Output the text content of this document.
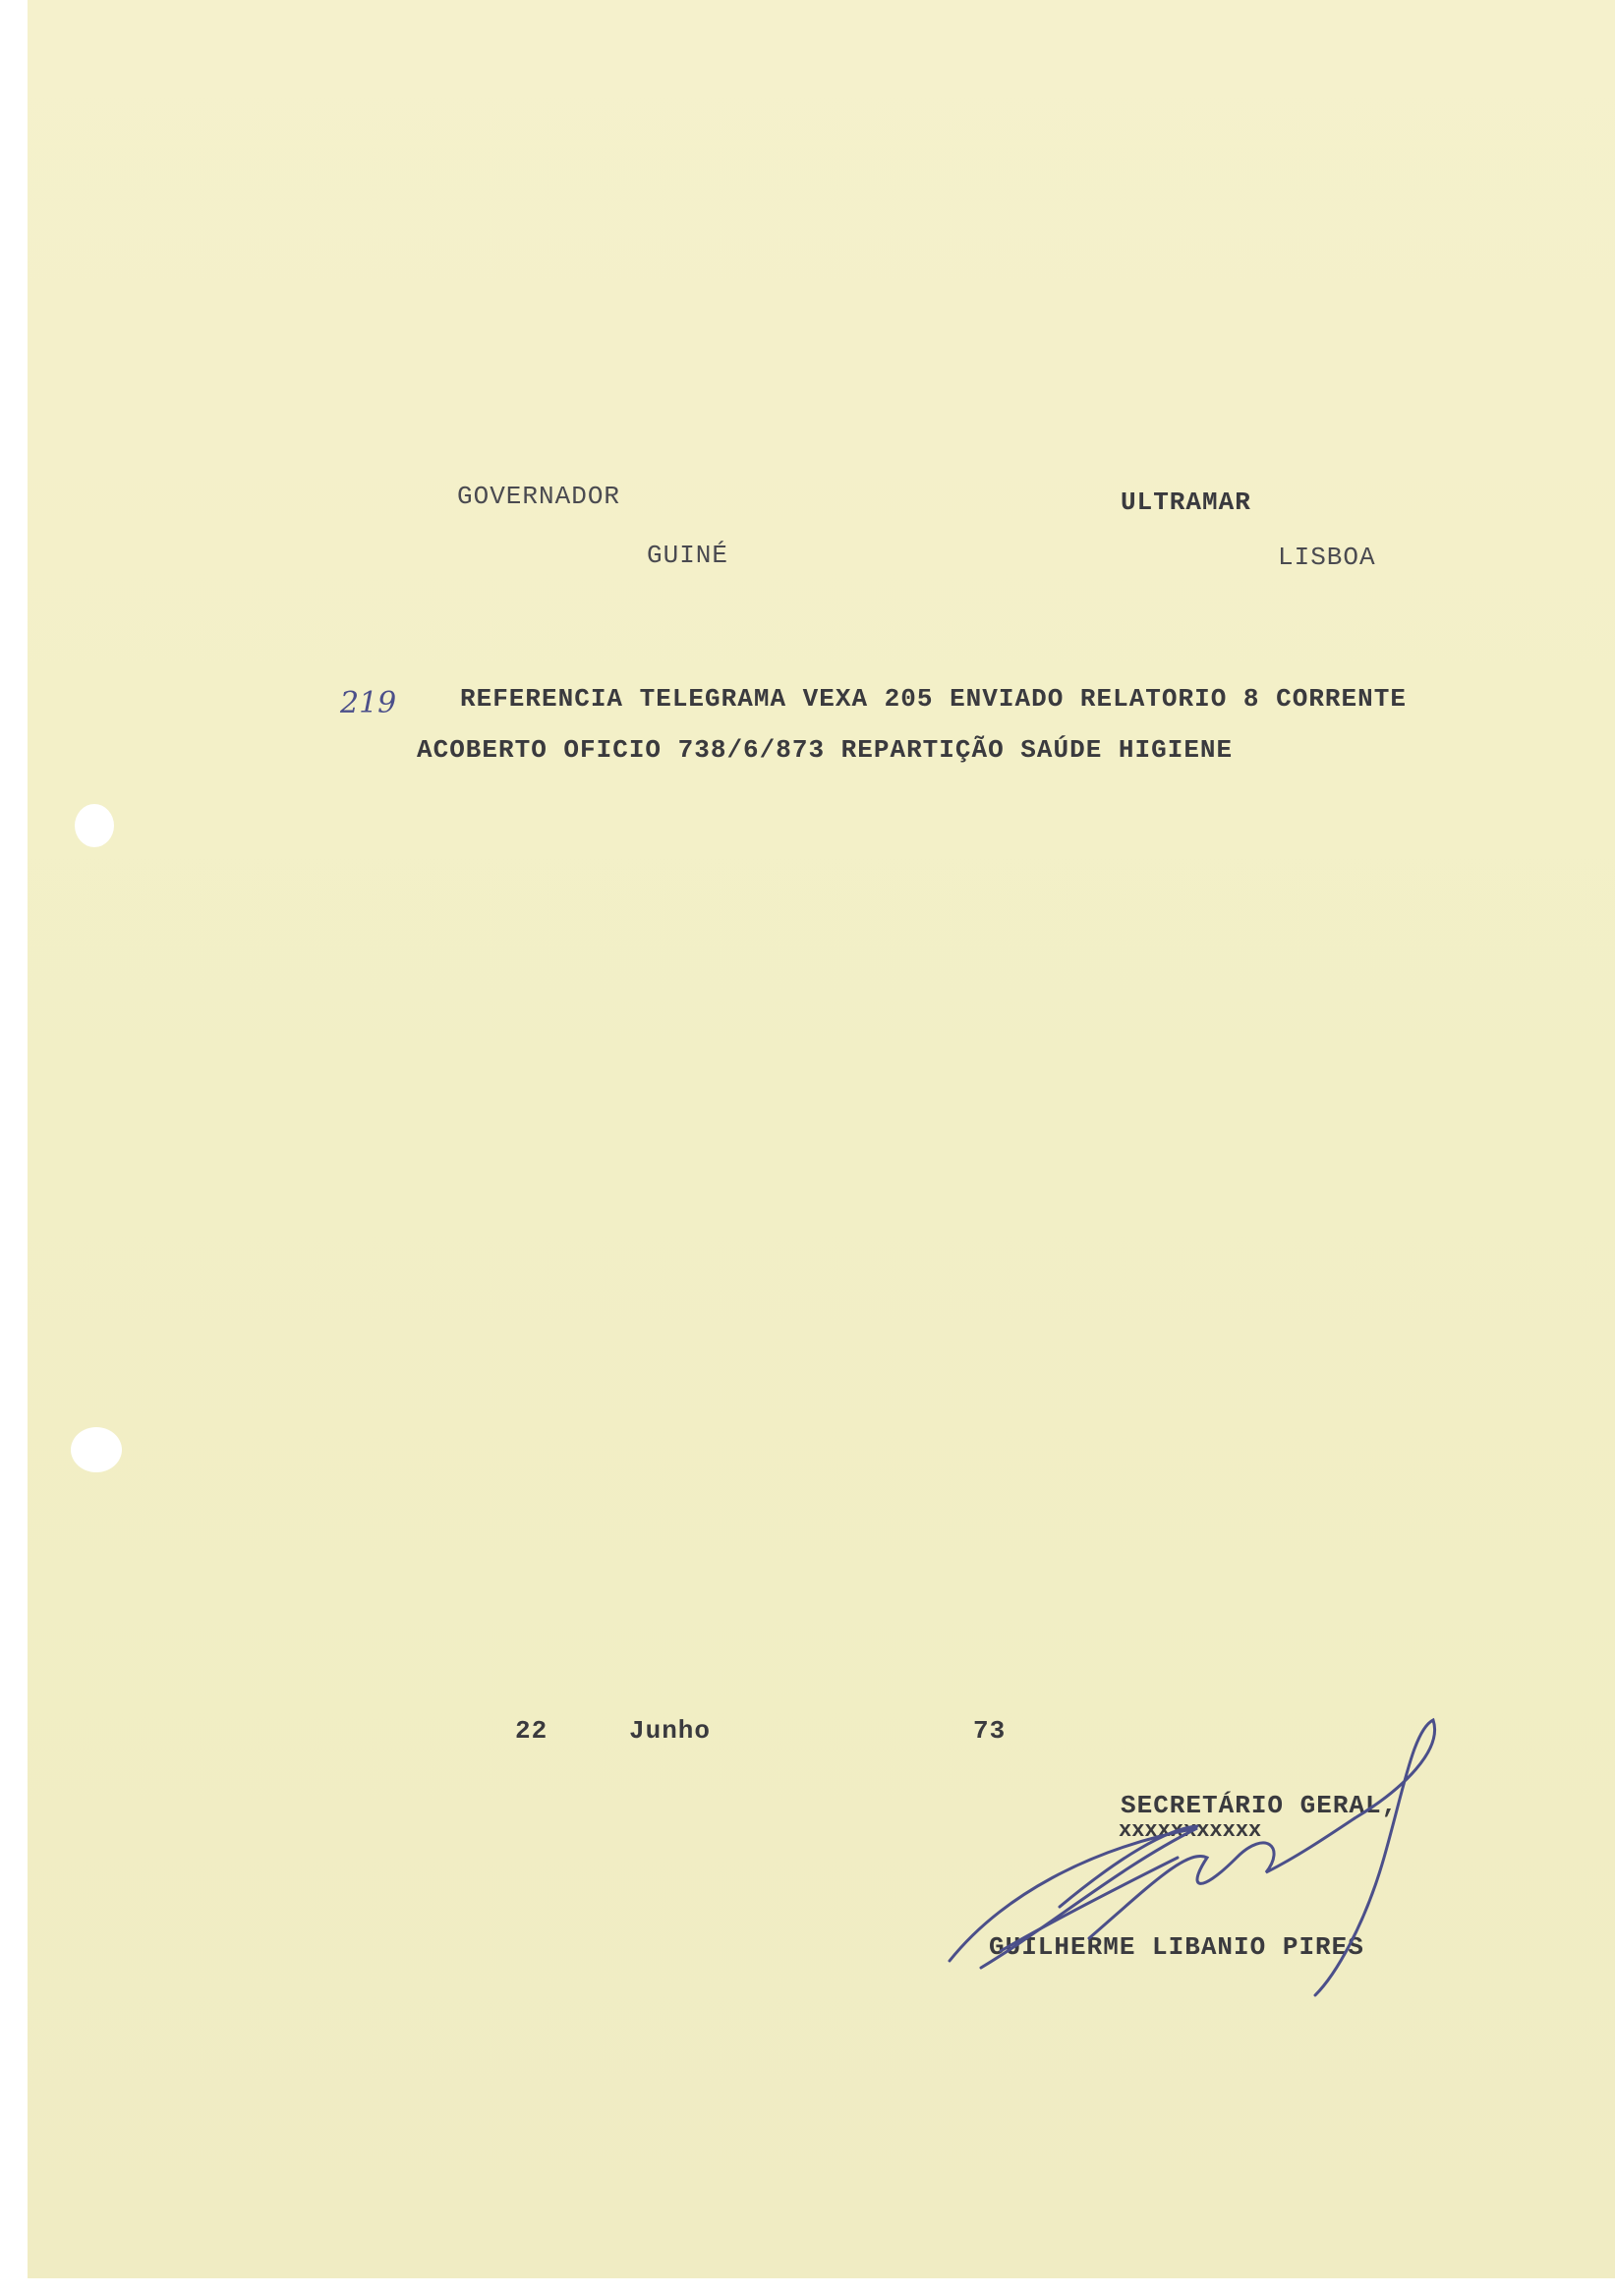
GOVERNADOR
GUINÉ
ULTRAMAR
LISBOA
219 REFERENCIA TELEGRAMA VEXA 205 ENVIADO RELATORIO 8 CORRENTE
ACOBERTO OFICIO 738/6/873 REPARTIÇÃO SAÚDE HIGIENE
22	Junho	73
SECRETÁRIO GERAL,
xxxxxxxxxxx
GUILHERME LIBANIO PIRES
